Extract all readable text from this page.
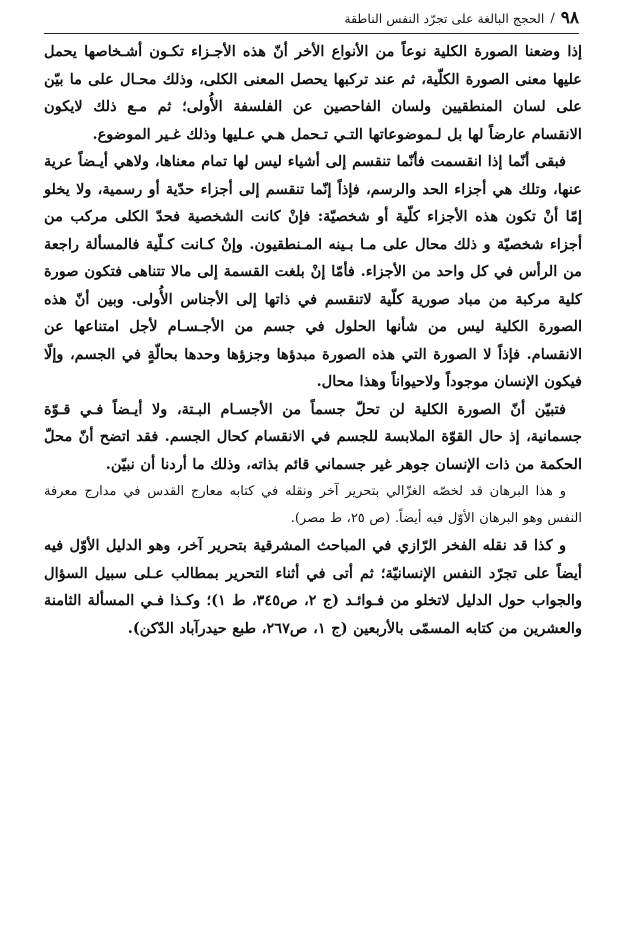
٩٨
/
الحجج البالغة على تجرّد النفس الناطقة

إذا وضعنا الصورة الكلية نوعاً من الأنواع الأخر أنّ هذه الأجـزاء تكـون أشـخاصها يحمل عليها معنى الصورة الكلّية، ثم عند تركبها يحصل المعنى الكلى، وذلك محـال على ما بيّن على لسان المنطقيين ولسان الفاحصين عن الفلسفة الأُولى؛ ثم مـع ذلك لايكون الانقسام عارضاً لها بل لـموضوعاتها التـي تـحمل هـي عـليها وذلك غـير الموضوع.

فبقى أنّما إذا انقسمت فأنّما تنقسم إلى أشياء ليس لها تمام معناها، ولاهي أيـضاً عرية عنها، وتلك هي أجزاء الحد والرسم، فإذاً إنّما تنقسم إلى أجزاء حدّية أو رسمية، ولا يخلو إمّا أنْ تكون هذه الأجزاء كلّية أو شخصيّة: فإنْ كانت الشخصية فحدّ الكلى مركب من أجزاء شخصيّة و ذلك محال على مـا بـينه المـنطقيون. وإنْ كـانت كـلّية فالمسألة راجعة من الرأس في كل واحد من الأجزاء. فأمّا إنْ بلغت القسمة إلى مالا تتناهى فتكون صورة كلية مركبة من مباد صورية كلّية لاتنقسم في ذاتها إلى الأجناس الأُولى. وبين أنّ هذه الصورة الكلية ليس من شأنها الحلول في جسم من الأجـسـام لأجل امتناعها عن الانقسام. فإذاً لا الصورة التي هذه الصورة مبدؤها وجزؤها وحدها بحالّةٍ في الجسم، وإلّا فيكون الإنسان موجوداً ولاحيواناً وهذا محال.

فتبيّن أنّ الصورة الكلية لن تحلّ جسماً من الأجسـام البـتة، ولا أيـضاً فـي قـوّة جسمانية، إذ حال القوّة الملابسة للجسم في الانقسام كحال الجسم. فقد اتضح أنّ محلّ الحكمة من ذات الإنسان جوهر غير جسماني قائم بذاته، وذلك ما أردنا أن نبيّن.

و هذا البرهان قد لخصّه الغزّالي بتحرير آخر ونقله في كتابه معارج القدس في مدارج معرفة النفس وهو البرهان الأوّل فيه أيضاً. (ص ٢٥، ط مصر).

و كذا قد نقله الفخر الرّازي في المباحث المشرقية بتحرير آخر، وهو الدليل الأوّل فيه أيضاً على تجرّد النفس الإنسانيّة؛ ثم أتى في أثناء التحرير بمطالب عـلى سبيل السؤال والجواب حول الدليل لاتخلو من فـوائـد (ج ٢، ص٣٤٥، ط ١)؛ وكـذا فـي المسألة الثامنة والعشرين من كتابه المسمّى بالأربعين (ج ١، ص٢٦٧، طبع حيدرآباد الدّكن).
